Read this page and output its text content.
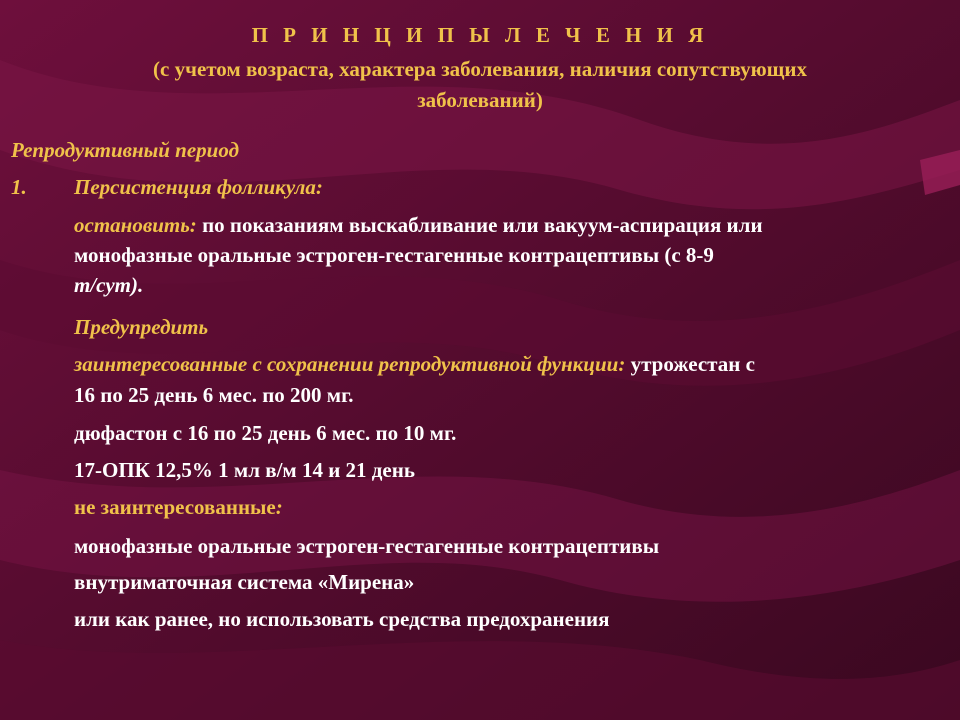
П Р И Н Ц И П Ы Л Е Ч Е Н И Я
(с учетом возраста, характера заболевания, наличия сопутствующих
заболеваний)
Репродуктивный период
1. Персистенция фолликула:
остановить: по показаниям выскабливание или вакуум-аспирация или
монофазные оральные эстроген-гестагенные контрацептивы (с 8-9
т/сут).
Предупредить
заинтересованные с сохранении репродуктивной функции: утрожестан с
16 по 25 день 6 мес. по 200 мг.
дюфастон с 16 по 25 день 6 мес. по 10 мг.
17-ОПК 12,5% 1 мл в/м 14 и 21 день
не заинтересованные:
монофазные оральные эстроген-гестагенные контрацептивы
внутриматочная система «Мирена»
или как ранее, но использовать средства предохранения
